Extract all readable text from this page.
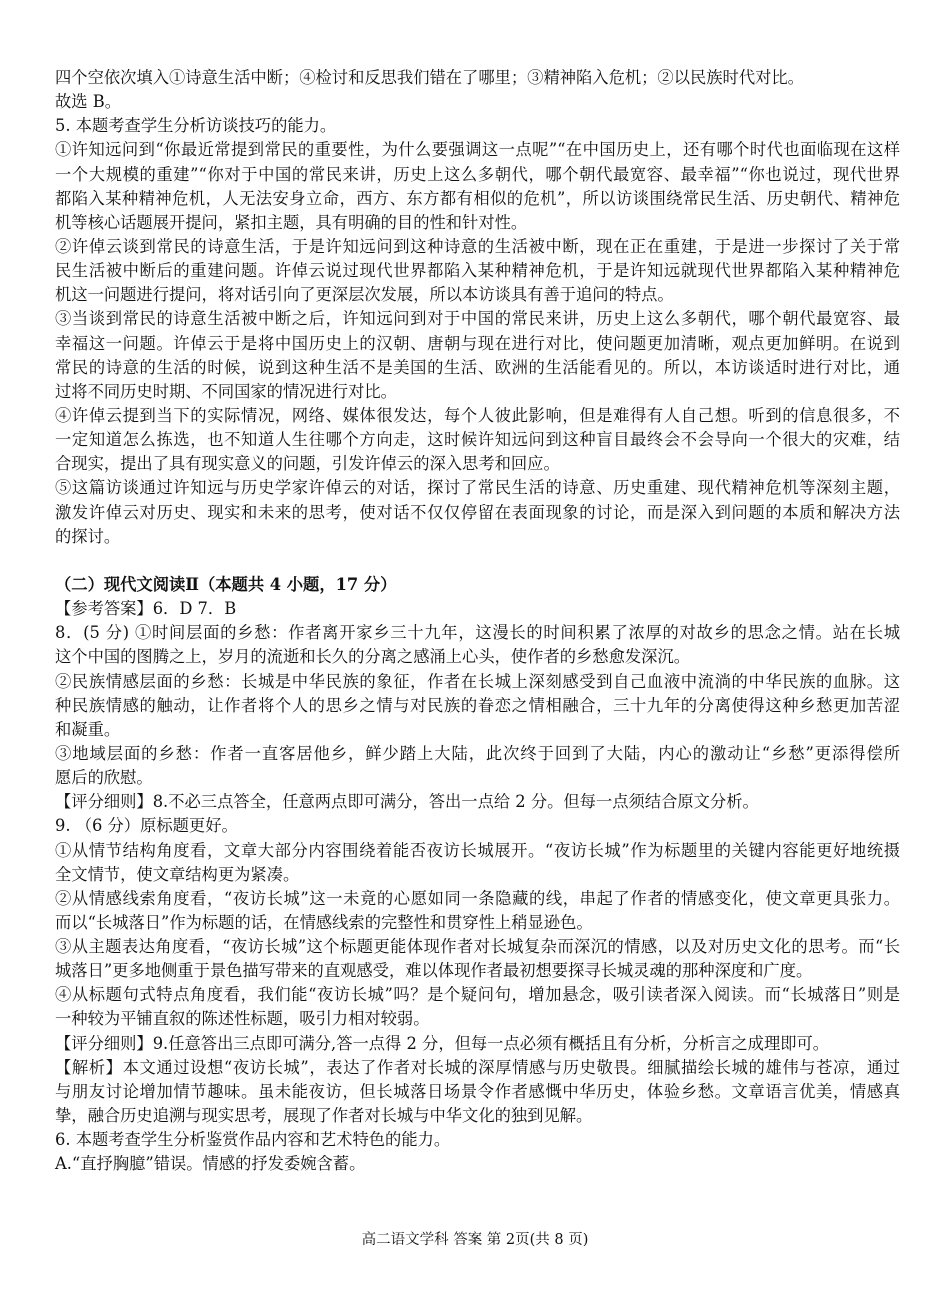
四个空依次填入①诗意生活中断；④检讨和反思我们错在了哪里；③精神陷入危机；②以民族时代对比。

故选 B。

5. 本题考查学生分析访谈技巧的能力。

①许知远问到“你最近常提到常民的重要性，为什么要强调这一点呢”“在中国历史上，还有哪个时代也面临现在这样

一个大规模的重建”“你对于中国的常民来讲，历史上这么多朝代，哪个朝代最宽容、最幸福”“你也说过，现代世界

都陷入某种精神危机，人无法安身立命，西方、东方都有相似的危机”，所以访谈围绕常民生活、历史朝代、精神危

机等核心话题展开提问，紧扣主题，具有明确的目的性和针对性。

②许倬云谈到常民的诗意生活，于是许知远问到这种诗意的生活被中断，现在正在重建，于是进一步探讨了关于常

民生活被中断后的重建问题。许倬云说过现代世界都陷入某种精神危机，于是许知远就现代世界都陷入某种精神危

机这一问题进行提问，将对话引向了更深层次发展，所以本访谈具有善于追问的特点。

③当谈到常民的诗意生活被中断之后，许知远问到对于中国的常民来讲，历史上这么多朝代，哪个朝代最宽容、最

幸福这一问题。许倬云于是将中国历史上的汉朝、唐朝与现在进行对比，使问题更加清晰，观点更加鲜明。在说到

常民的诗意的生活的时候，说到这种生活不是美国的生活、欧洲的生活能看见的。所以，本访谈适时进行对比，通

过将不同历史时期、不同国家的情况进行对比。

④许倬云提到当下的实际情况，网络、媒体很发达，每个人彼此影响，但是难得有人自己想。听到的信息很多，不

一定知道怎么拣选，也不知道人生往哪个方向走，这时候许知远问到这种盲目最终会不会导向一个很大的灾难，结

合现实，提出了具有现实意义的问题，引发许倬云的深入思考和回应。

⑤这篇访谈通过许知远与历史学家许倬云的对话，探讨了常民生活的诗意、历史重建、现代精神危机等深刻主题，

激发许倬云对历史、现实和未来的思考，使对话不仅仅停留在表面现象的讨论，而是深入到问题的本质和解决方法

的探讨。

（二）现代文阅读Ⅱ（本题共 4 小题，17 分）

【参考答案】6．D 7．B

8．(5 分) ①时间层面的乡愁：作者离开家乡三十九年，这漫长的时间积累了浓厚的对故乡的思念之情。站在长城

这个中国的图腾之上，岁月的流逝和长久的分离之感涌上心头，使作者的乡愁愈发深沉。

②民族情感层面的乡愁：长城是中华民族的象征，作者在长城上深刻感受到自己血液中流淌的中华民族的血脉。这

种民族情感的触动，让作者将个人的思乡之情与对民族的眷恋之情相融合，三十九年的分离使得这种乡愁更加苦涩

和凝重。

③地域层面的乡愁：作者一直客居他乡，鲜少踏上大陆，此次终于回到了大陆，内心的激动让“乡愁”更添得偿所

愿后的欣慰。

【评分细则】8.不必三点答全，任意两点即可满分，答出一点给 2 分。但每一点须结合原文分析。

9. （6 分）原标题更好。

①从情节结构角度看，文章大部分内容围绕着能否夜访长城展开。“夜访长城”作为标题里的关键内容能更好地统摄

全文情节，使文章结构更为紧凑。

②从情感线索角度看，“夜访长城”这一未竟的心愿如同一条隐藏的线，串起了作者的情感变化，使文章更具张力。

而以“长城落日”作为标题的话，在情感线索的完整性和贯穿性上稍显逊色。

③从主题表达角度看，“夜访长城”这个标题更能体现作者对长城复杂而深沉的情感，以及对历史文化的思考。而“长

城落日”更多地侧重于景色描写带来的直观感受，难以体现作者最初想要探寻长城灵魂的那种深度和广度。

④从标题句式特点角度看，我们能“夜访长城”吗？是个疑问句，增加悬念，吸引读者深入阅读。而“长城落日”则是

一种较为平铺直叙的陈述性标题，吸引力相对较弱。

【评分细则】9.任意答出三点即可满分,答一点得 2 分，但每一点必须有概括且有分析，分析言之成理即可。

【解析】本文通过设想“夜访长城”，表达了作者对长城的深厚情感与历史敬畏。细腻描绘长城的雄伟与苍凉，通过

与朋友讨论增加情节趣味。虽未能夜访，但长城落日场景令作者感慨中华历史，体验乡愁。文章语言优美，情感真

挚，融合历史追溯与现实思考，展现了作者对长城与中华文化的独到见解。

6. 本题考查学生分析鉴赏作品内容和艺术特色的能力。

A.“直抒胸臆”错误。情感的抒发委婉含蓄。

高二语文学科 答案 第 2页(共 8 页)
